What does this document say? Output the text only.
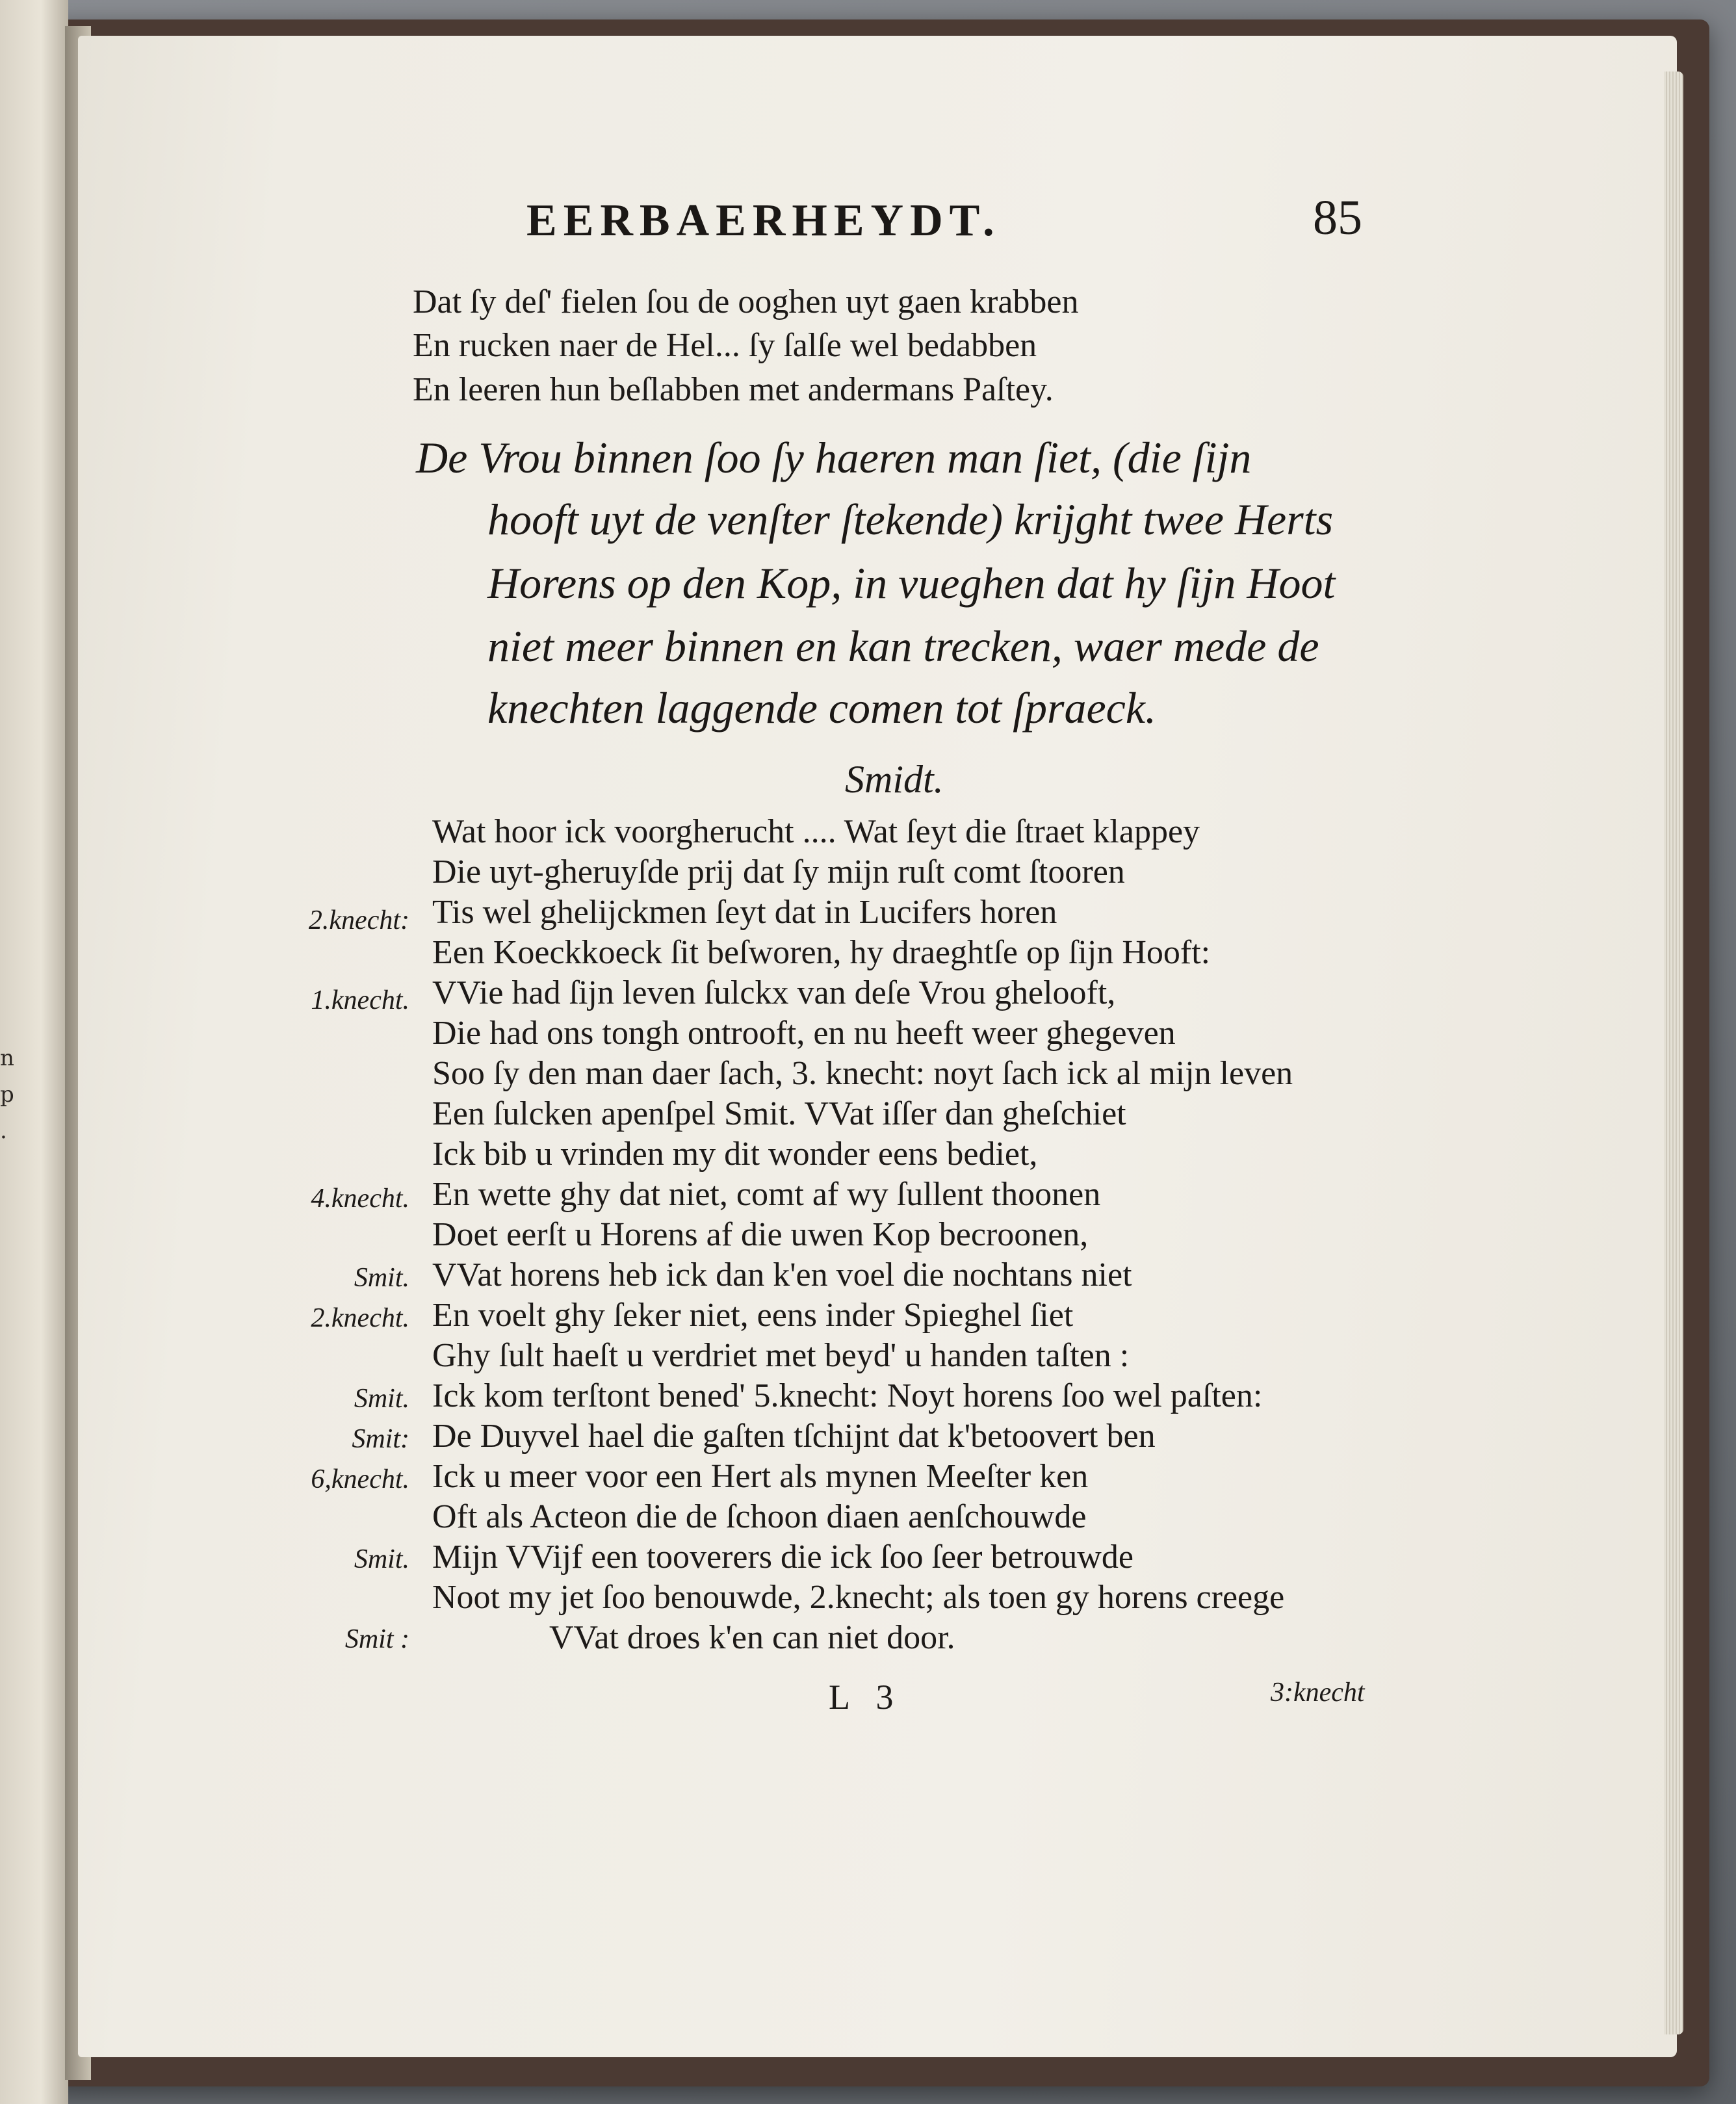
n
p
.
EERBAERHEYDT.	85
Dat ſy deſ' fielen ſou de ooghen uyt gaen krabben
En rucken naer de Hel... ſy ſalſe wel bedabben
En leeren hun beſlabben met andermans Paſtey.
De Vrou binnen ſoo ſy haeren man ſiet, (die ſijn
hooft uyt de venſter ſtekende) krijght twee Herts
Horens op den Kop, in vueghen dat hy ſijn Hoot
niet meer binnen en kan trecken, waer mede de
knechten laggende comen tot ſpraeck.
Smidt.
2.knecht:
1.knecht.
4.knecht.
Smit.
2.knecht.
Smit.
Smit:
6,knecht.
Smit.
Smit :
Wat hoor ick voorgherucht .... Wat ſeyt die ſtraet klappey
Die uyt-gheruyſde prij dat ſy mijn ruſt comt ſtooren
Tis wel ghelijckmen ſeyt dat in Lucifers horen
Een Koeckkoeck ſit beſworen, hy draeghtſe op ſijn Hooft:
VVie had ſijn leven ſulckx van deſe Vrou ghelooft,
Die had ons tongh ontrooft, en nu heeft weer ghegeven
Soo ſy den man daer ſach, 3. knecht: noyt ſach ick al mijn leven
Een ſulcken apenſpel Smit. VVat iſſer dan gheſchiet
Ick bib u vrinden my dit wonder eens bediet,
En wette ghy dat niet, comt af wy ſullent thoonen
Doet eerſt u Horens af die uwen Kop becroonen,
VVat horens heb ick dan k'en voel die nochtans niet
En voelt ghy ſeker niet, eens inder Spieghel ſiet
Ghy ſult haeſt u verdriet met beyd' u handen taſten :
Ick kom terſtont bened' 5.knecht: Noyt horens ſoo wel paſten:
De Duyvel hael die gaſten tſchijnt dat k'betoovert ben
Ick u meer voor een Hert als mynen Meeſter ken
Oft als Acteon die de ſchoon diaen aenſchouwde
Mijn VVijf een tooverers die ick ſoo ſeer betrouwde
Noot my jet ſoo benouwde, 2.knecht; als toen gy horens creege
VVat droes k'en can niet door.
L 3	3:knecht
